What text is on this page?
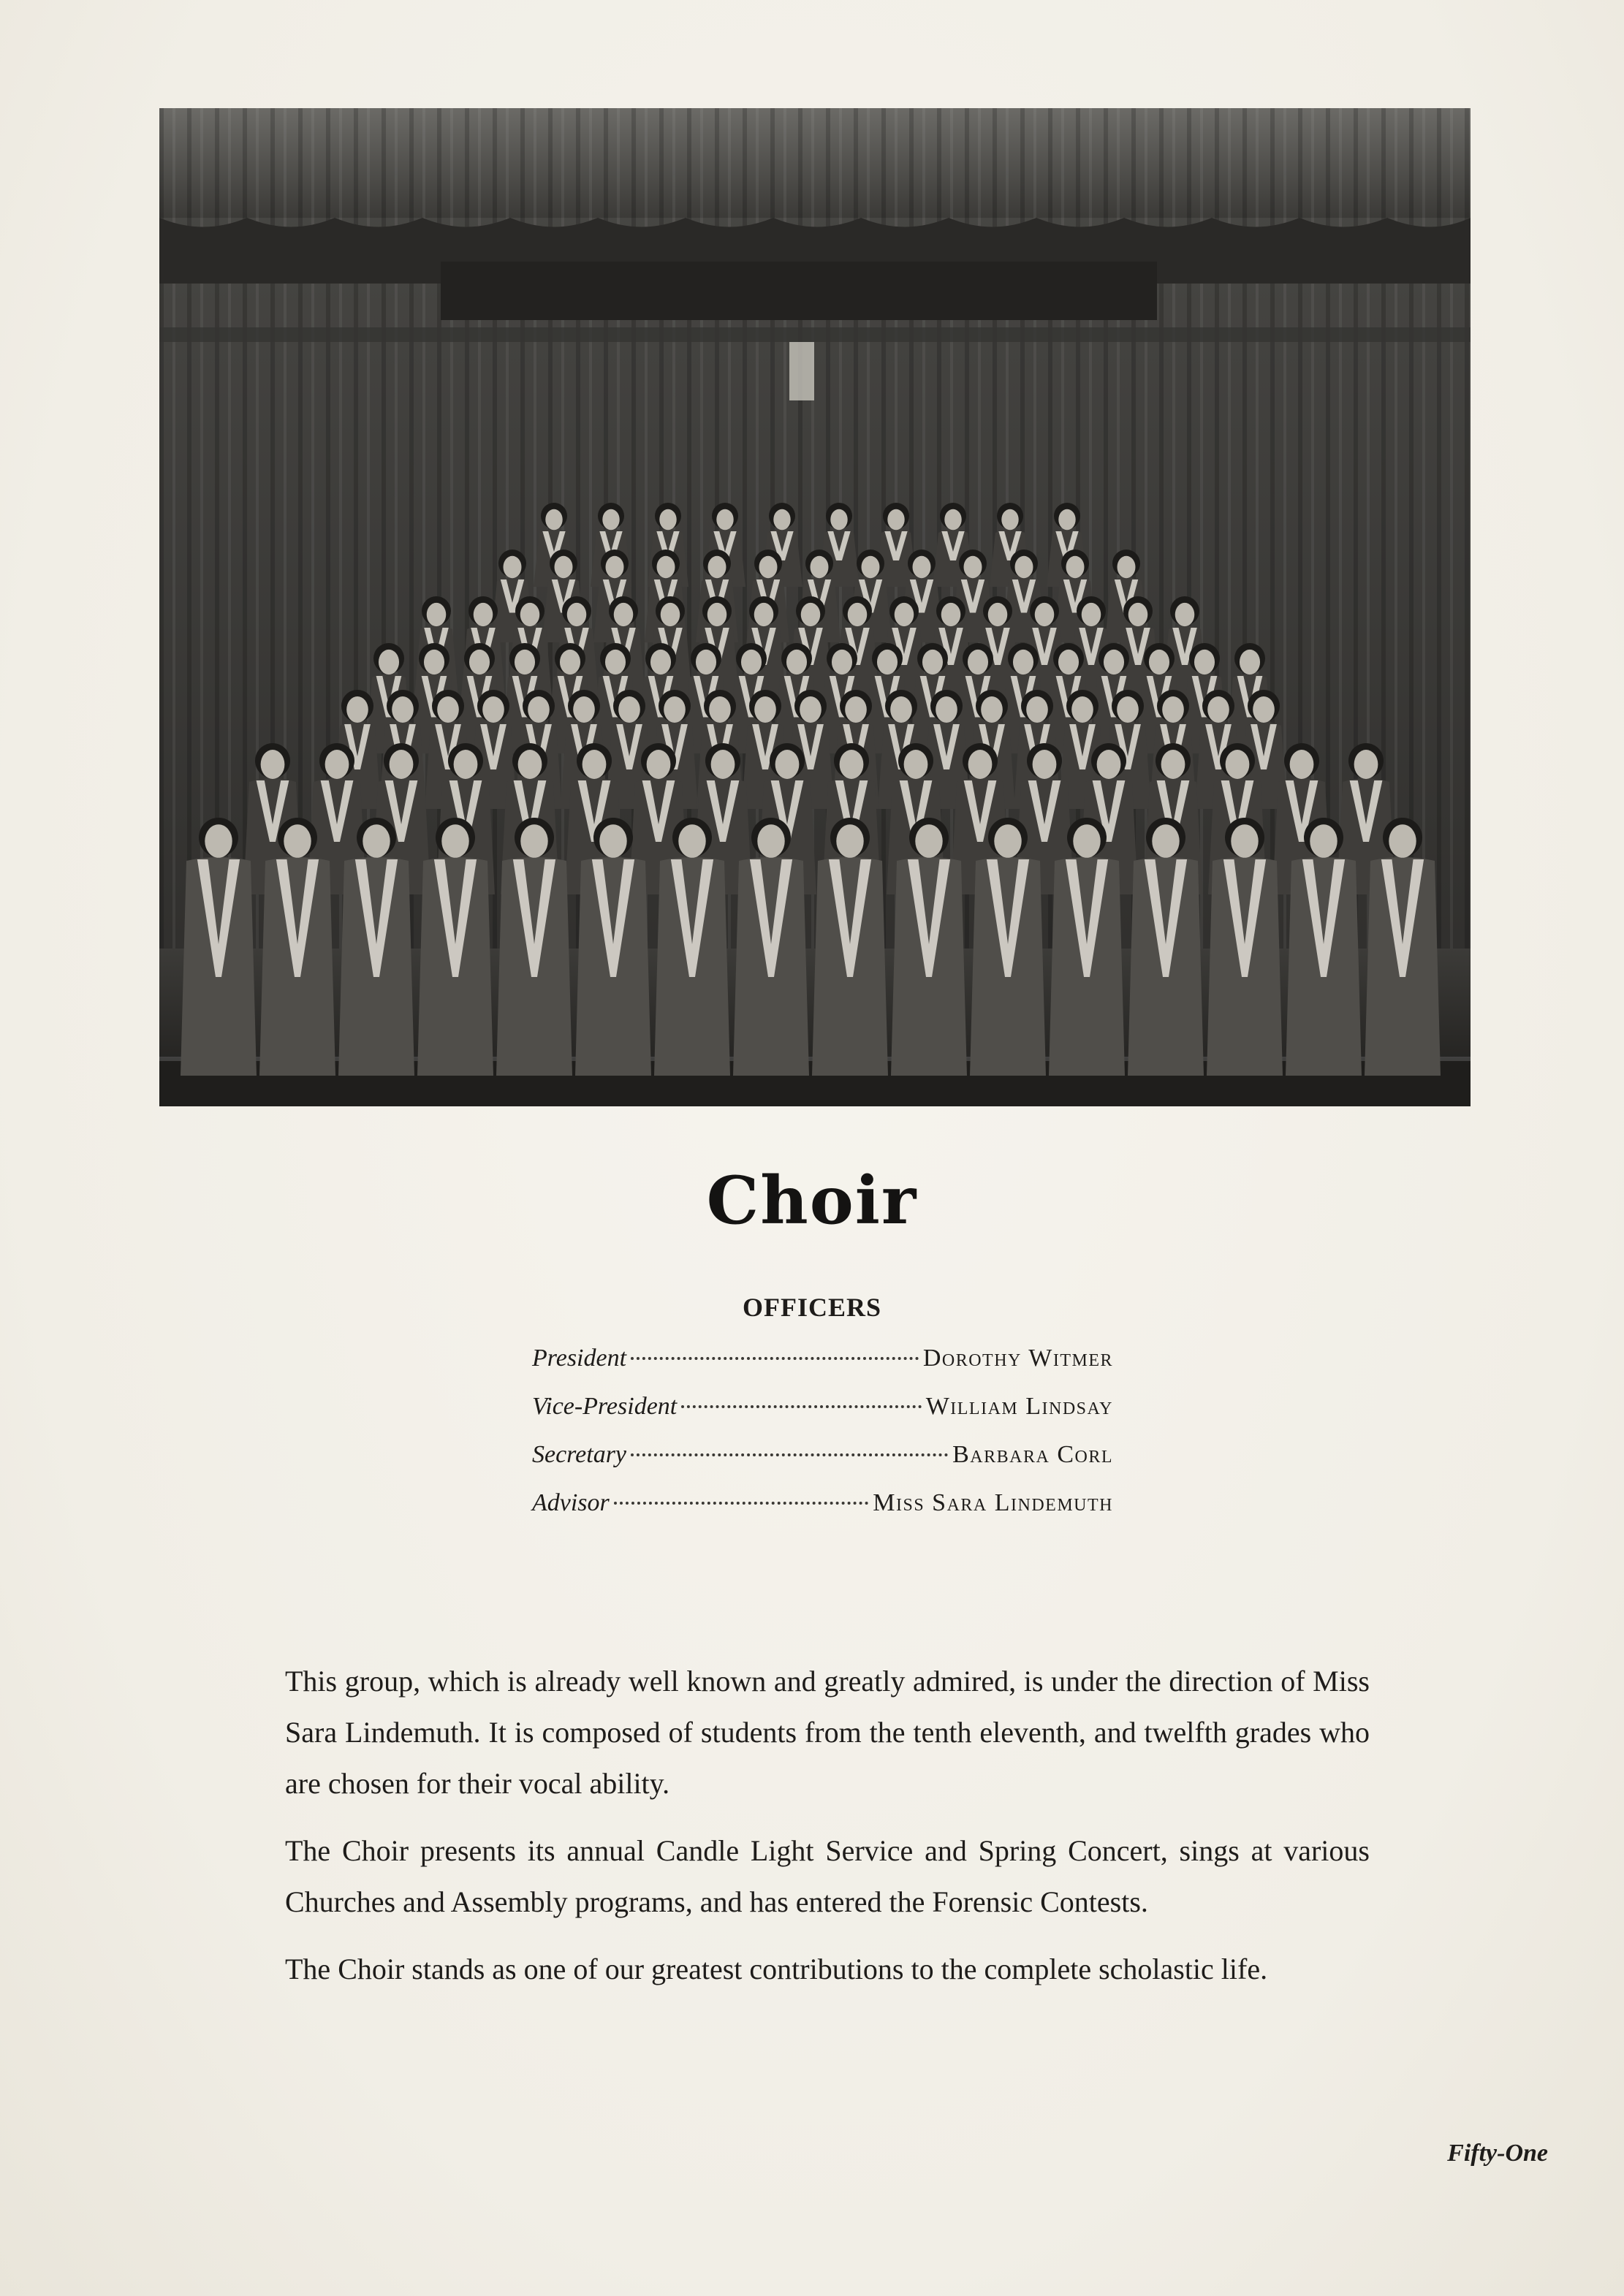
Choir
OFFICERS
President	Dorothy Witmer
Vice-President	William Lindsay
Secretary	Barbara Corl
Advisor	Miss Sara Lindemuth

This group, which is already well known and greatly admired, is under the direction of Miss Sara Lindemuth. It is composed of students from the tenth eleventh, and twelfth grades who are chosen for their vocal ability.

The Choir presents its annual Candle Light Service and Spring Concert, sings at various Churches and Assembly programs, and has entered the Forensic Contests.

The Choir stands as one of our greatest contributions to the complete scholastic life.

Fifty-One
